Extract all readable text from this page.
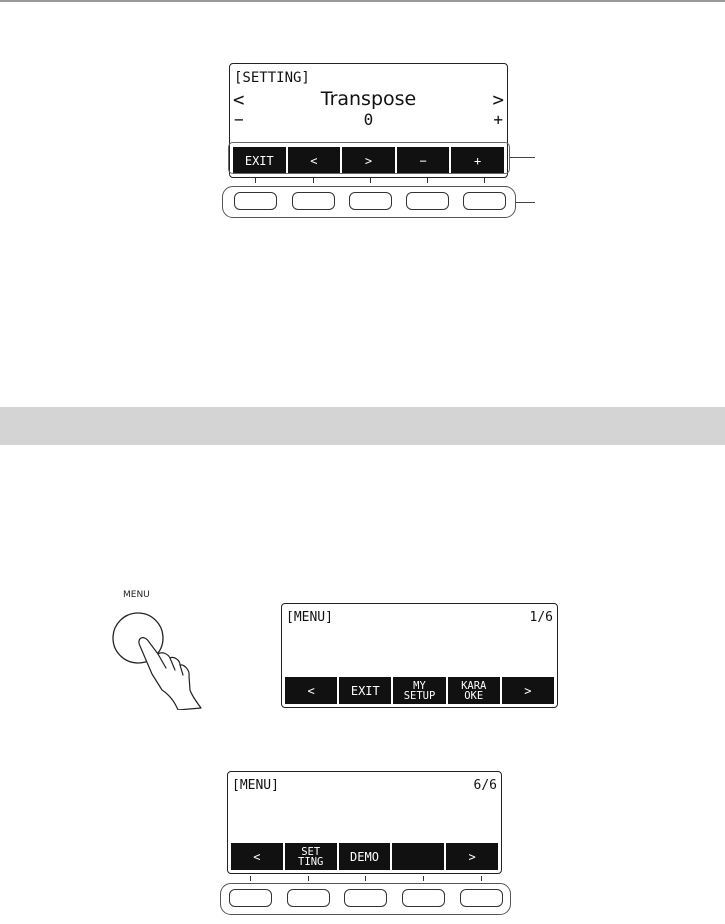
[SETTING]
<	Transpose	>
−	0	+
EXIT	<	>	−	+
MENU
[MENU]	1/6
<	EXIT	MY
SETUP
KARA
OKE	>
[MENU]	6/6
<	SET
TING	DEMO	>
